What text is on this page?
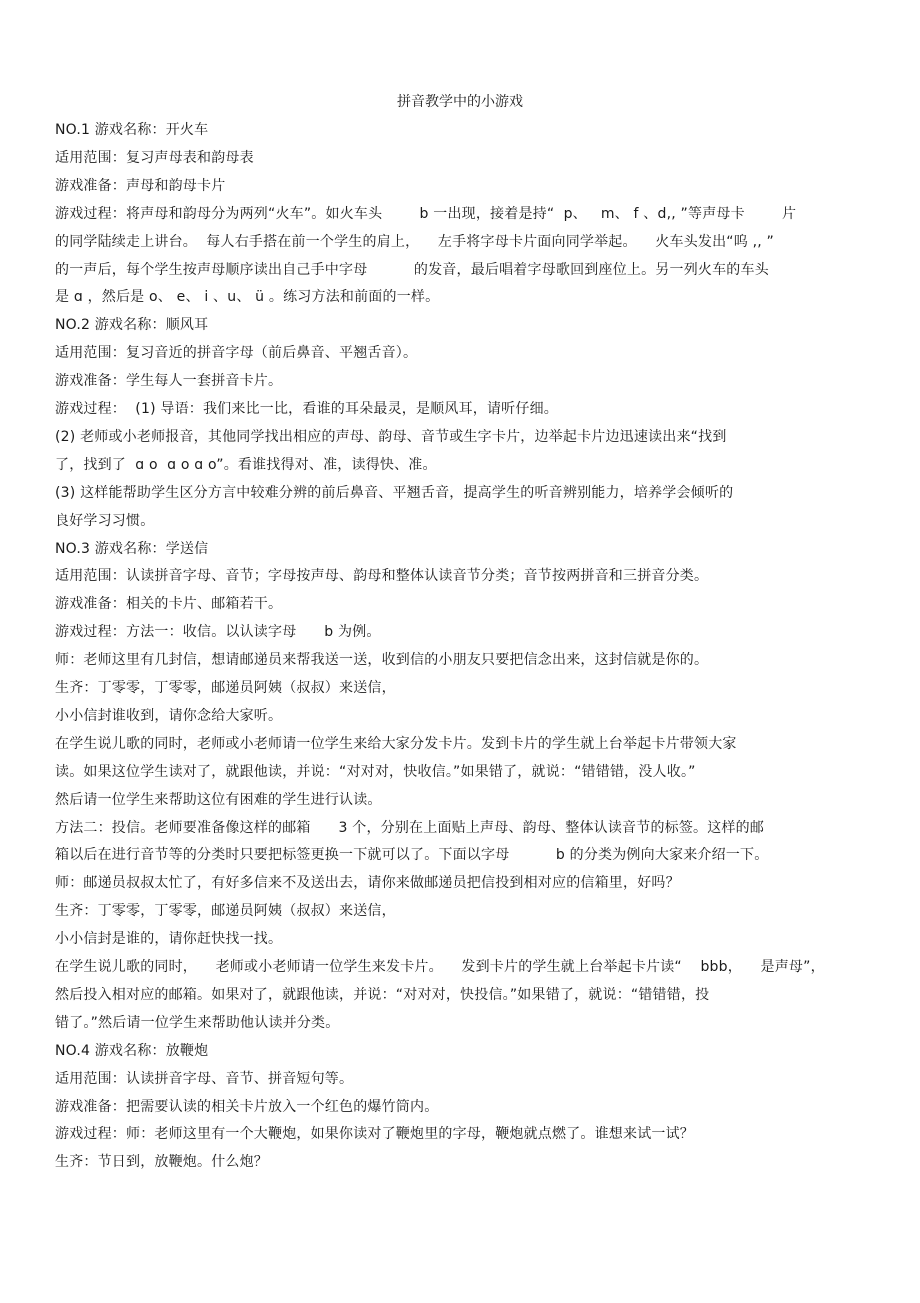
拼音教学中的小游戏
NO.1 游戏名称：开火车
适用范围：复习声母表和韵母表
游戏准备：声母和韵母卡片
游戏过程：将声母和韵母分为两列“火车”。如火车头        b 一出现，接着是持“  p、   m、 f 、d,, ”等声母卡        片
的同学陆续走上讲台。  每人右手搭在前一个学生的肩上，    左手将字母卡片面向同学举起。    火车头发出“呜 ,, ”
的一声后，每个学生按声母顺序读出自己手中字母          的发音，最后唱着字母歌回到座位上。另一列火车的车头
是 ɑ ，然后是 o、 e、 i 、u、 ü 。练习方法和前面的一样。
NO.2 游戏名称：顺风耳
适用范围：复习音近的拼音字母（前后鼻音、平翘舌音）。
游戏准备：学生每人一套拼音卡片。
游戏过程：  (1) 导语：我们来比一比，看谁的耳朵最灵，是顺风耳，请听仔细。
(2) 老师或小老师报音，其他同学找出相应的声母、韵母、音节或生字卡片，边举起卡片边迅速读出来“找到
了，找到了  ɑ o  ɑ o ɑ o”。看谁找得对、准，读得快、准。
(3) 这样能帮助学生区分方言中较难分辨的前后鼻音、平翘舌音，提高学生的听音辨别能力，培养学会倾听的
良好学习习惯。
NO.3 游戏名称：学送信
适用范围：认读拼音字母、音节；字母按声母、韵母和整体认读音节分类；音节按两拼音和三拼音分类。
游戏准备：相关的卡片、邮箱若干。
游戏过程：方法一：收信。以认读字母      b 为例。
师：老师这里有几封信，想请邮递员来帮我送一送，收到信的小朋友只要把信念出来，这封信就是你的。
生齐：丁零零，丁零零，邮递员阿姨（叔叔）来送信，
小小信封谁收到，请你念给大家听。
在学生说儿歌的同时，老师或小老师请一位学生来给大家分发卡片。发到卡片的学生就上台举起卡片带领大家
读。如果这位学生读对了，就跟他读，并说：“对对对，快收信。”如果错了，就说：“错错错，没人收。”
然后请一位学生来帮助这位有困难的学生进行认读。
方法二：投信。老师要准备像这样的邮箱      3 个，分别在上面贴上声母、韵母、整体认读音节的标签。这样的邮
箱以后在进行音节等的分类时只要把标签更换一下就可以了。下面以字母          b 的分类为例向大家来介绍一下。
师：邮递员叔叔太忙了，有好多信来不及送出去，请你来做邮递员把信投到相对应的信箱里，好吗？
生齐：丁零零，丁零零，邮递员阿姨（叔叔）来送信，
小小信封是谁的，请你赶快找一找。
在学生说儿歌的同时，    老师或小老师请一位学生来发卡片。    发到卡片的学生就上台举起卡片读“    bbb，    是声母”，
然后投入相对应的邮箱。如果对了，就跟他读，并说：“对对对，快投信。”如果错了，就说：“错错错，投
错了。”然后请一位学生来帮助他认读并分类。
NO.4 游戏名称：放鞭炮
适用范围：认读拼音字母、音节、拼音短句等。
游戏准备：把需要认读的相关卡片放入一个红色的爆竹筒内。
游戏过程：师：老师这里有一个大鞭炮，如果你读对了鞭炮里的字母，鞭炮就点燃了。谁想来试一试？
生齐：节日到，放鞭炮。什么炮？
